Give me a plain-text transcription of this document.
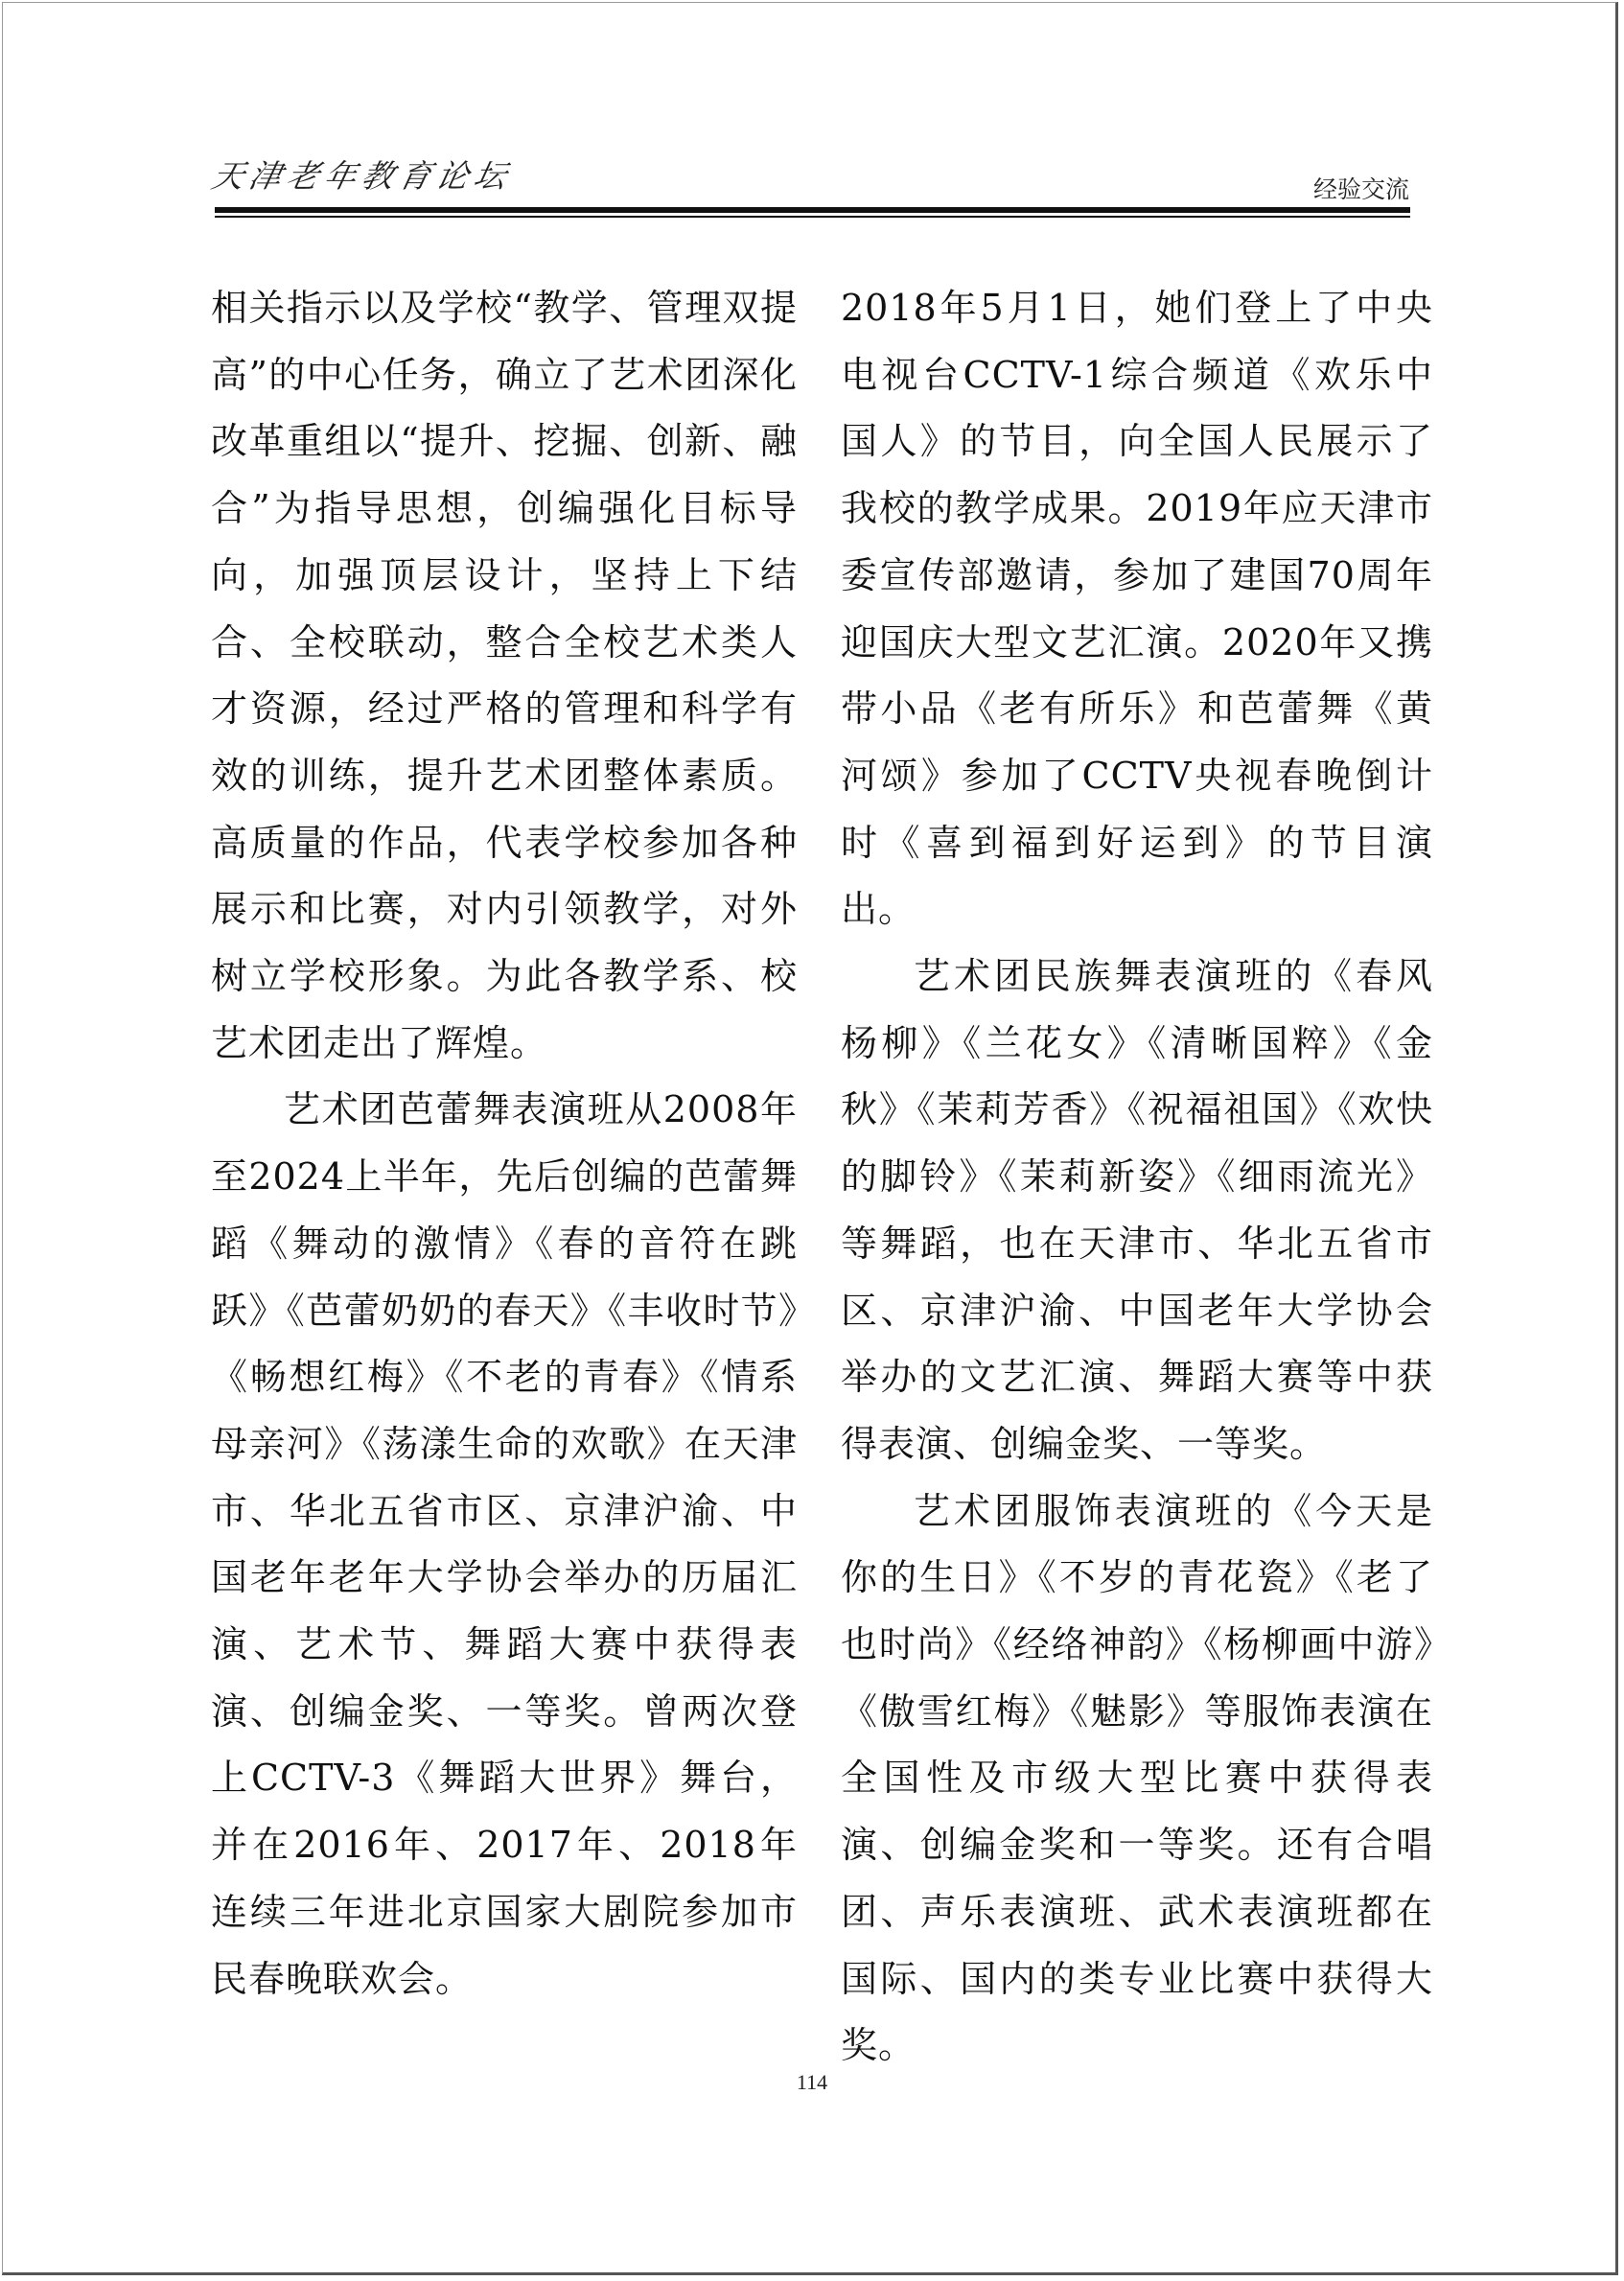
天津老年教育论坛	经验交流

相关指示以及学校“教学、管理双提高”的中心任务，确立了艺术团深化改革重组以“提升、挖掘、创新、融合”为指导思想，创编强化目标导向，加强顶层设计，坚持上下结合、全校联动，整合全校艺术类人才资源，经过严格的管理和科学有效的训练，提升艺术团整体素质。高质量的作品，代表学校参加各种展示和比赛，对内引领教学，对外树立学校形象。为此各教学系、校艺术团走出了辉煌。

艺术团芭蕾舞表演班从2008年至2024上半年，先后创编的芭蕾舞蹈《舞动的激情》《春的音符在跳跃》《芭蕾奶奶的春天》《丰收时节》《畅想红梅》《不老的青春》《情系母亲河》《荡漾生命的欢歌》在天津市、华北五省市区、京津沪渝、中国老年老年大学协会举办的历届汇演、艺术节、舞蹈大赛中获得表演、创编金奖、一等奖。曾两次登上CCTV-3《舞蹈大世界》舞台，并在2016年、2017年、2018年连续三年进北京国家大剧院参加市民春晚联欢会。

2018年5月1日，她们登上了中央电视台CCTV-1综合频道《欢乐中国人》的节目，向全国人民展示了我校的教学成果。2019年应天津市委宣传部邀请，参加了建国70周年迎国庆大型文艺汇演。2020年又携带小品《老有所乐》和芭蕾舞《黄河颂》参加了CCTV央视春晚倒计时《喜到福到好运到》的节目演出。

艺术团民族舞表演班的《春风杨柳》《兰花女》《清晰国粹》《金秋》《茉莉芳香》《祝福祖国》《欢快的脚铃》《茉莉新姿》《细雨流光》等舞蹈，也在天津市、华北五省市区、京津沪渝、中国老年大学协会举办的文艺汇演、舞蹈大赛等中获得表演、创编金奖、一等奖。

艺术团服饰表演班的《今天是你的生日》《不岁的青花瓷》《老了也时尚》《经络神韵》《杨柳画中游》《傲雪红梅》《魅影》等服饰表演在全国性及市级大型比赛中获得表演、创编金奖和一等奖。还有合唱团、声乐表演班、武术表演班都在国际、国内的类专业比赛中获得大奖。

114
